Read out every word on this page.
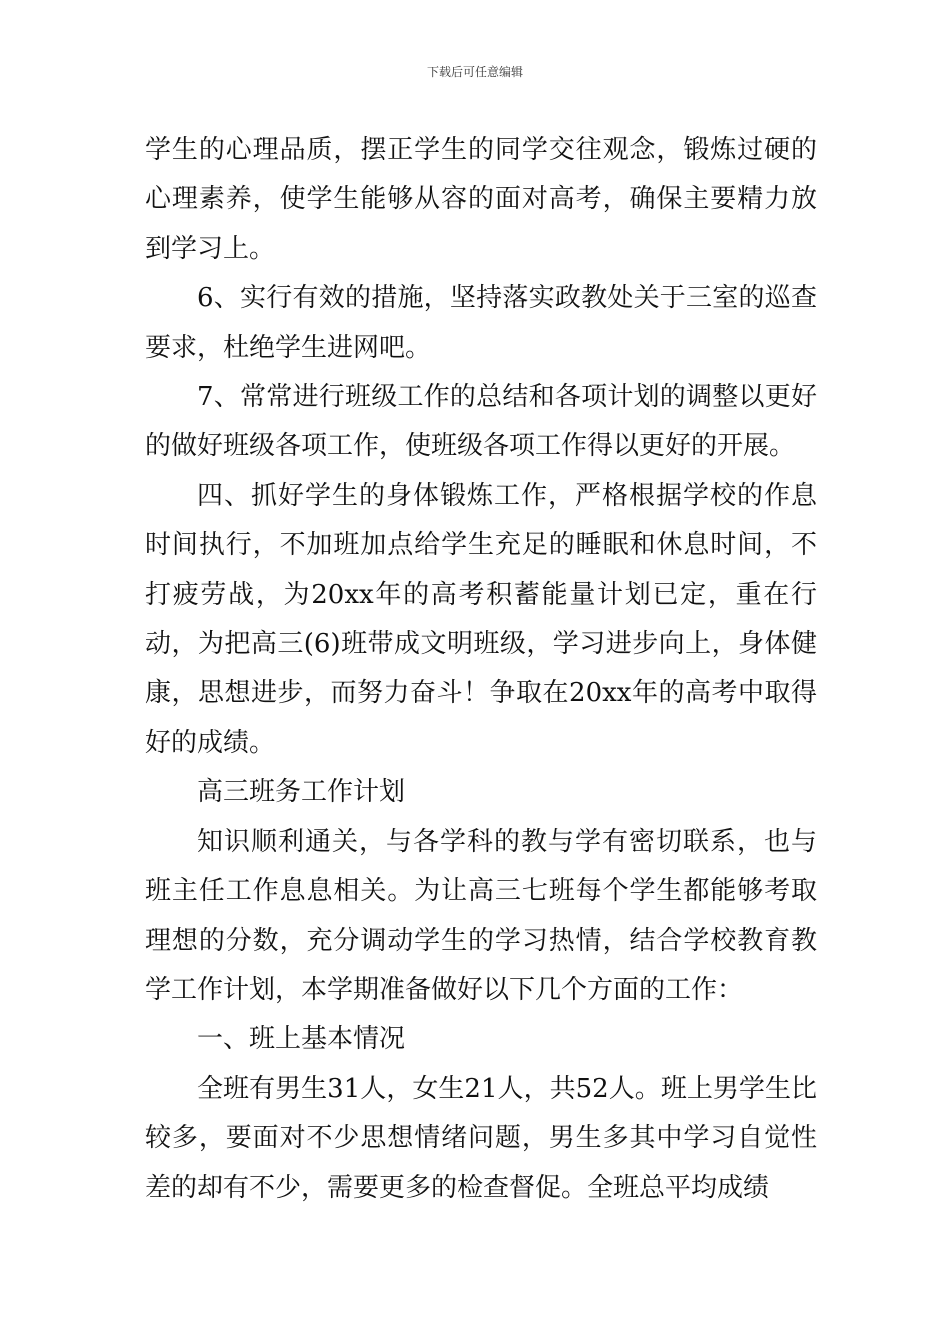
下载后可任意编辑

学生的心理品质，摆正学生的同学交往观念，锻炼过硬的心理素养，使学生能够从容的面对高考，确保主要精力放到学习上。

6、实行有效的措施，坚持落实政教处关于三室的巡查要求，杜绝学生进网吧。

7、常常进行班级工作的总结和各项计划的调整以更好的做好班级各项工作，使班级各项工作得以更好的开展。

四、抓好学生的身体锻炼工作，严格根据学校的作息时间执行，不加班加点给学生充足的睡眠和休息时间，不打疲劳战，为20xx年的高考积蓄能量计划已定，重在行动，为把高三(6)班带成文明班级，学习进步向上，身体健康，思想进步，而努力奋斗！争取在20xx年的高考中取得好的成绩。

高三班务工作计划

知识顺利通关，与各学科的教与学有密切联系，也与班主任工作息息相关。为让高三七班每个学生都能够考取理想的分数，充分调动学生的学习热情，结合学校教育教学工作计划，本学期准备做好以下几个方面的工作：

一、班上基本情况

全班有男生31人，女生21人，共52人。班上男学生比较多，要面对不少思想情绪问题，男生多其中学习自觉性差的却有不少，需要更多的检查督促。全班总平均成绩
